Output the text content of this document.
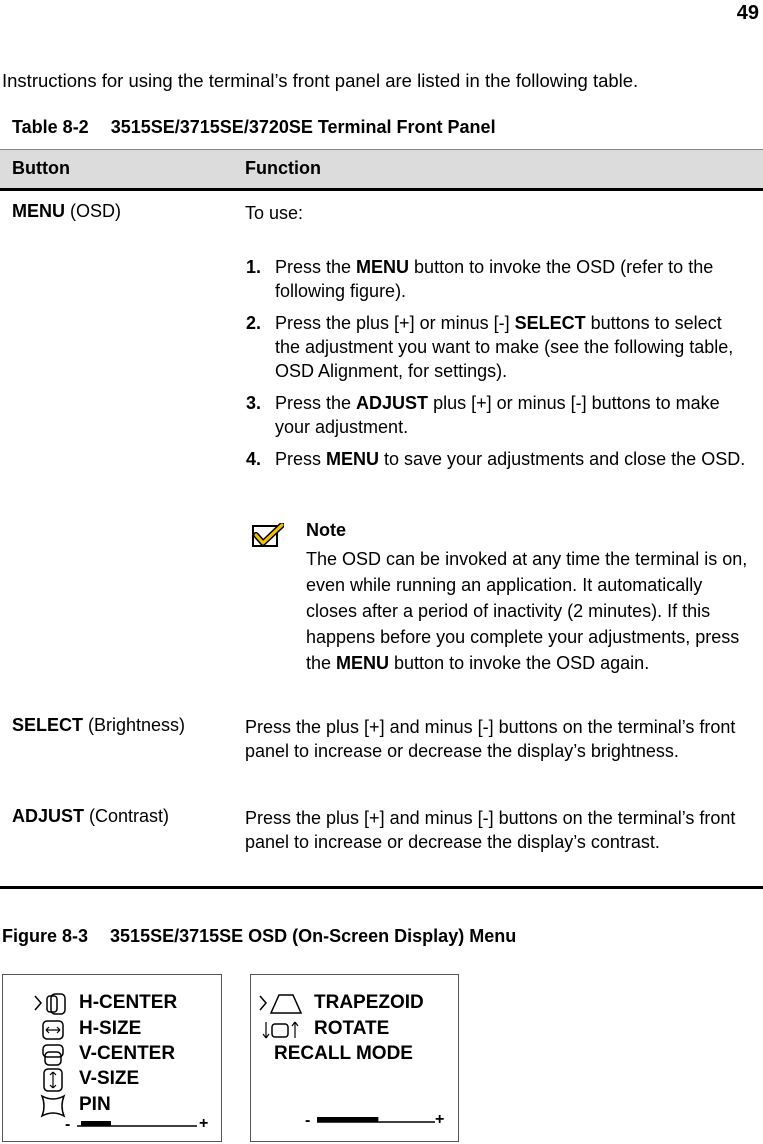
49
Instructions for using the terminal’s front panel are listed in the following table.
Table 8-2 3515SE/3715SE/3720SE Terminal Front Panel
Button	Function
MENU (OSD)	To use:
1. Press the MENU button to invoke the OSD (refer to the following figure).
2. Press the plus [+] or minus [-] SELECT buttons to select the adjustment you want to make (see the following table, OSD Alignment, for settings).
3. Press the ADJUST plus [+] or minus [-] buttons to make your adjustment.
4. Press MENU to save your adjustments and close the OSD.
Note
The OSD can be invoked at any time the terminal is on, even while running an application. It automatically closes after a period of inactivity (2 minutes). If this happens before you complete your adjustments, press the MENU button to invoke the OSD again.
SELECT (Brightness)	Press the plus [+] and minus [-] buttons on the terminal’s front panel to increase or decrease the display’s brightness.
ADJUST (Contrast)	Press the plus [+] and minus [-] buttons on the terminal’s front panel to increase or decrease the display’s contrast.
Figure 8-3 3515SE/3715SE OSD (On-Screen Display) Menu
H-CENTER
H-SIZE
V-CENTER
V-SIZE
PIN
-	+
TRAPEZOID
ROTATE
RECALL MODE
-	+
